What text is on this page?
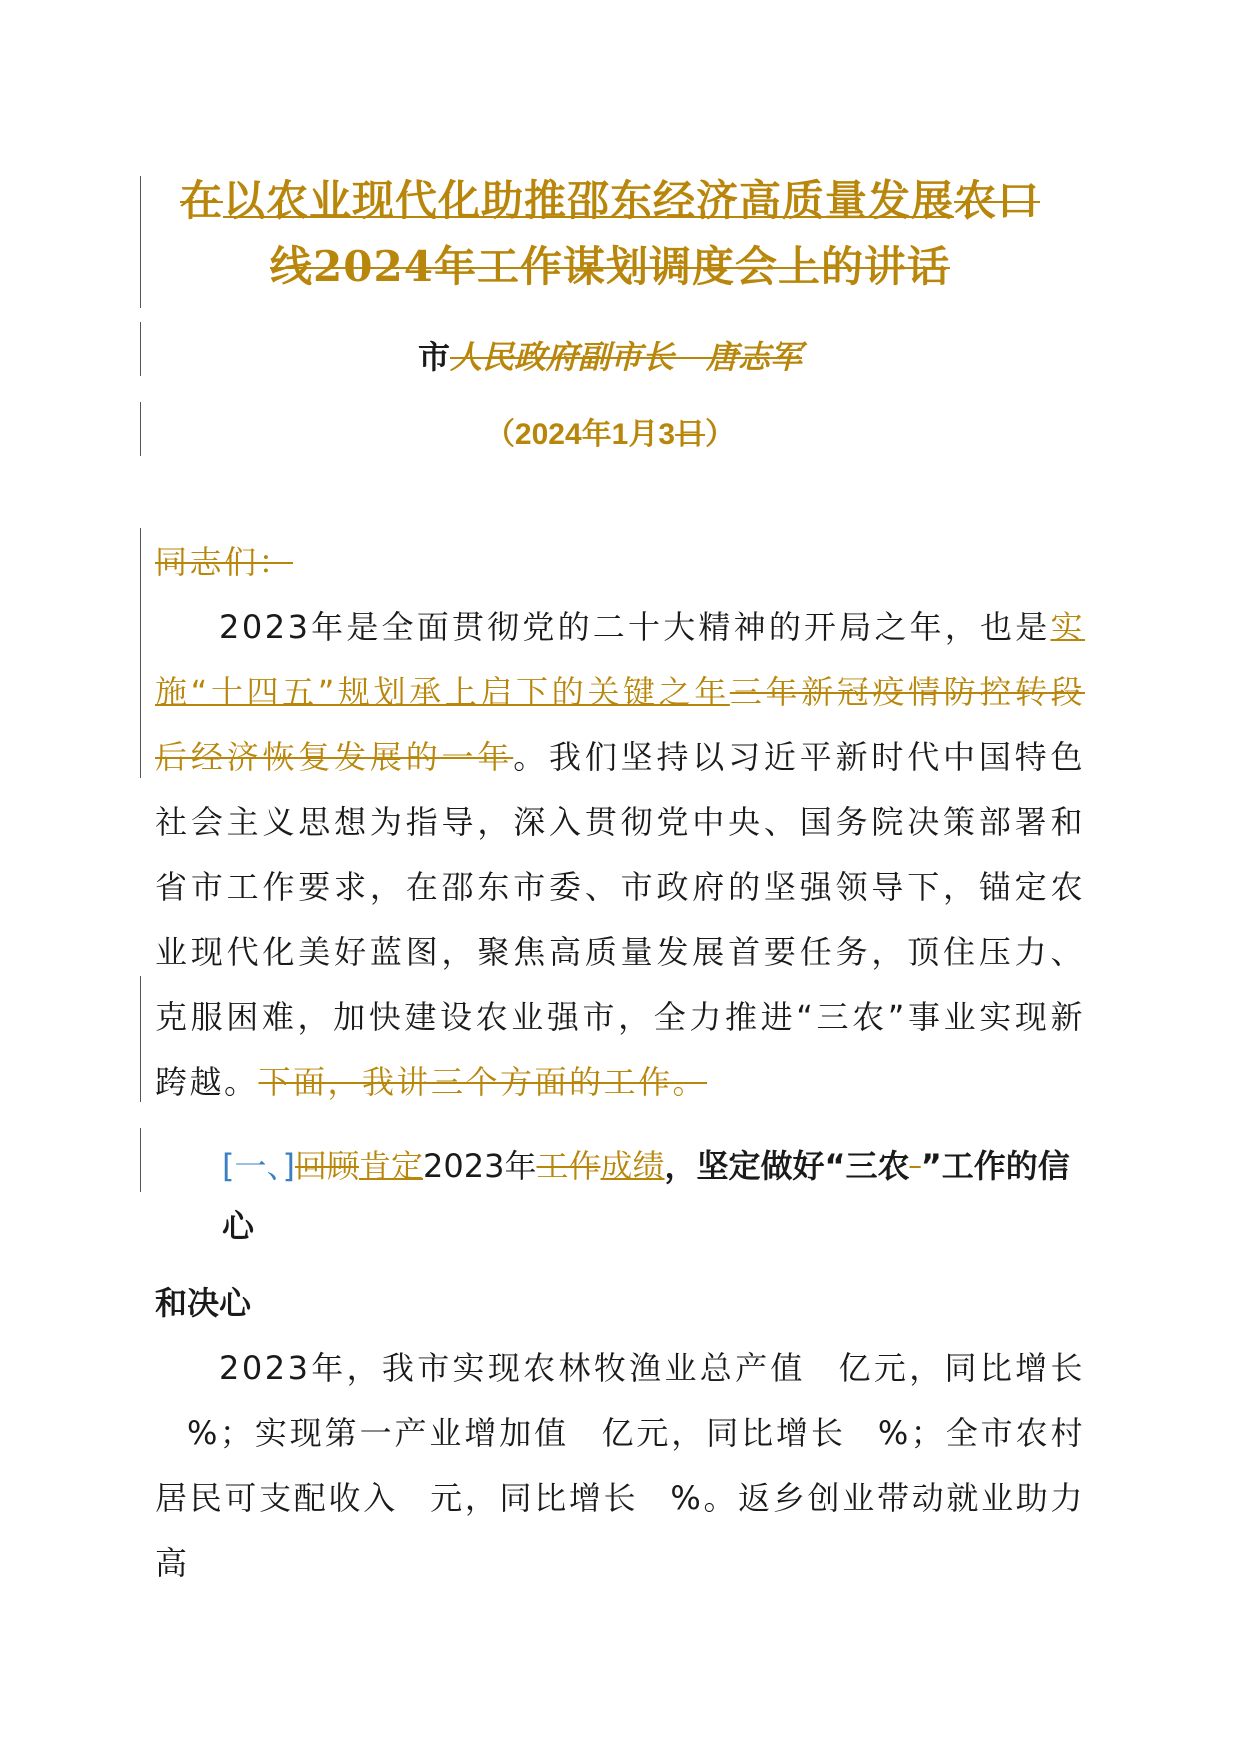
在以农业现代化助推邵东经济高质量发展农口
线2024年工作谋划调度会上的讲话
市人民政府副市长　唐志军
（2024年1月3日）

同志们：

2023年是全面贯彻党的二十大精神的开局之年，也是实施“十四五”规划承上启下的关键之年三年新冠疫情防控转段后经济恢复发展的一年。我们坚持以习近平新时代中国特色社会主义思想为指导，深入贯彻党中央、国务院决策部署和省市工作要求，在邵东市委、市政府的坚强领导下，锚定农业现代化美好蓝图，聚焦高质量发展首要任务，顶住压力、克服困难，加快建设农业强市，全力推进“三农”事业实现新跨越。下面，我讲三个方面的工作。

[一、]回顾肯定2023年工作成绩，坚定做好“三农 ”工作的信心
和决心

2023年，我市实现农林牧渔业总产值 亿元，同比增长%；实现第一产业增加值 亿元，同比增长 %；全市农村居民可支配收入 元，同比增长 %。返乡创业带动就业助力高
